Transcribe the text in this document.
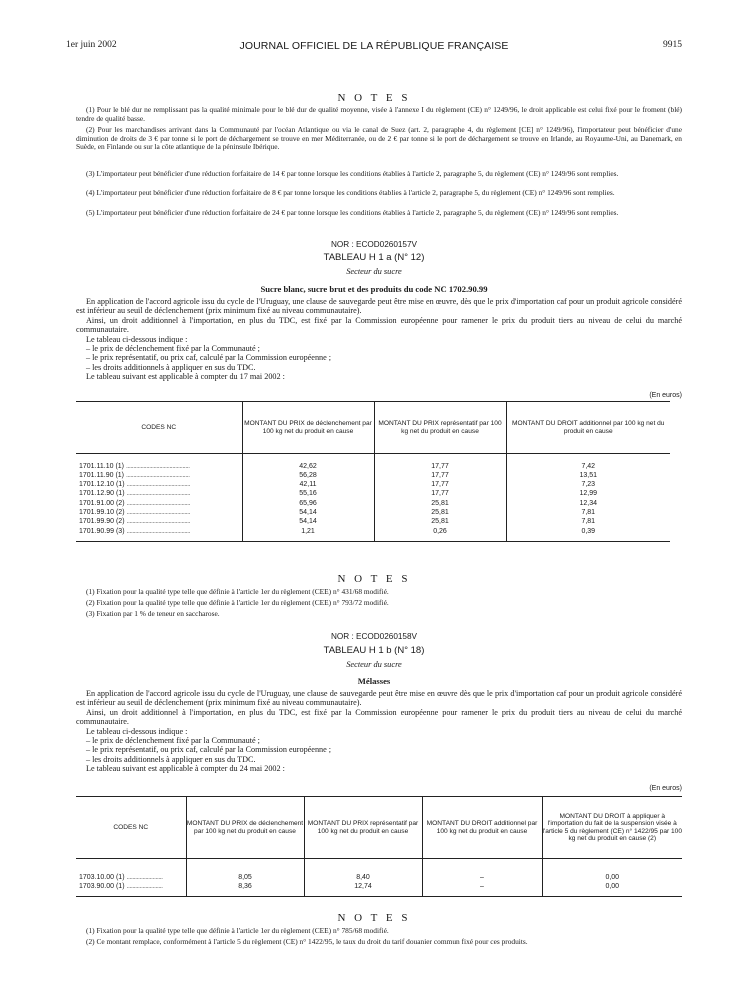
1er juin 2002	JOURNAL OFFICIEL DE LA RÉPUBLIQUE FRANÇAISE	9915
N O T E S
(1) Pour le blé dur ne remplissant pas la qualité minimale pour le blé dur de qualité moyenne, visée à l'annexe I du règlement (CE) n° 1249/96, le droit applicable est celui fixé pour le froment (blé) tendre de qualité basse.
(2) Pour les marchandises arrivant dans la Communauté par l'océan Atlantique ou via le canal de Suez (art. 2, paragraphe 4, du règlement [CE] n° 1249/96), l'importateur peut bénéficier d'une diminution de droits de 3 € par tonne si le port de déchargement se trouve en mer Méditerranée, ou de 2 € par tonne si le port de déchargement se trouve en Irlande, au Royaume-Uni, au Danemark, en Suède, en Finlande ou sur la côte atlantique de la péninsule Ibérique.
(3) L'importateur peut bénéficier d'une réduction forfaitaire de 14 € par tonne lorsque les conditions établies à l'article 2, paragraphe 5, du règlement (CE) n° 1249/96 sont remplies.
(4) L'importateur peut bénéficier d'une réduction forfaitaire de 8 € par tonne lorsque les conditions établies à l'article 2, paragraphe 5, du règlement (CE) n° 1249/96 sont remplies.
(5) L'importateur peut bénéficier d'une réduction forfaitaire de 24 € par tonne lorsque les conditions établies à l'article 2, paragraphe 5, du règlement (CE) n° 1249/96 sont remplies.
NOR : ECOD0260157V
TABLEAU H 1 a (N° 12)
Secteur du sucre
Sucre blanc, sucre brut et des produits du code NC 1702.90.99
En application de l'accord agricole issu du cycle de l'Uruguay, une clause de sauvegarde peut être mise en œuvre, dès que le prix d'importation caf pour un produit agricole considéré est inférieur au seuil de déclenchement (prix minimum fixé au niveau communautaire).
Ainsi, un droit additionnel à l'importation, en plus du TDC, est fixé par la Commission européenne pour ramener le prix du produit tiers au niveau de celui du marché communautaire.
Le tableau ci-dessous indique :
– le prix de déclenchement fixé par la Communauté ;
– le prix représentatif, ou prix caf, calculé par la Commission européenne ;
– les droits additionnels à appliquer en sus du TDC.
Le tableau suivant est applicable à compter du 17 mai 2002 :
(En euros)
CODES NC	MONTANT DU PRIX de déclenchement par 100 kg net du produit en cause	MONTANT DU PRIX représentatif par 100 kg net du produit en cause	MONTANT DU DROIT additionnel par 100 kg net du produit en cause

1701.11.10 (1) ............................................	42,62	17,77	7,42
1701.11.90 (1) ............................................	56,28	17,77	13,51
1701.12.10 (1) ............................................	42,11	17,77	7,23
1701.12.90 (1) ............................................	55,16	17,77	12,99
1701.91.00 (2) ............................................	65,96	25,81	12,34
1701.99.10 (2) ............................................	54,14	25,81	7,81
1701.99.90 (2) ............................................	54,14	25,81	7,81
1701.90.99 (3) ............................................	1,21	0,26	0,39

N O T E S
(1) Fixation pour la qualité type telle que définie à l'article 1er du règlement (CEE) n° 431/68 modifié.
(2) Fixation pour la qualité type telle que définie à l'article 1er du règlement (CEE) n° 793/72 modifié.
(3) Fixation par 1 % de teneur en saccharose.
NOR : ECOD0260158V
TABLEAU H 1 b (N° 18)
Secteur du sucre
Mélasses
En application de l'accord agricole issu du cycle de l'Uruguay, une clause de sauvegarde peut être mise en œuvre dès que le prix d'importation caf pour un produit agricole considéré est inférieur au seuil de déclenchement (prix minimum fixé au niveau communautaire).
Ainsi, un droit additionnel à l'importation, en plus du TDC, est fixé par la Commission européenne pour ramener le prix du produit tiers au niveau de celui du marché communautaire.
Le tableau ci-dessous indique :
– le prix de déclenchement fixé par la Communauté ;
– le prix représentatif, ou prix caf, calculé par la Commission européenne ;
– les droits additionnels à appliquer en sus du TDC.
Le tableau suivant est applicable à compter du 24 mai 2002 :
(En euros)
CODES NC	MONTANT DU PRIX de déclenchement par 100 kg net du produit en cause	MONTANT DU PRIX représentatif par 100 kg net du produit en cause	MONTANT DU DROIT additionnel par 100 kg net du produit en cause	MONTANT DU DROIT à appliquer à l'importation du fait de la suspension visée à l'article 5 du règlement (CE) n° 1422/95 par 100 kg net du produit en cause (2)

1703.10.00 (1) .........................	8,05	8,40	–	0,00
1703.90.00 (1) .........................	8,36	12,74	–	0,00

N O T E S
(1) Fixation pour la qualité type telle que définie à l'article 1er du règlement (CEE) n° 785/68 modifié.
(2) Ce montant remplace, conformément à l'article 5 du règlement (CE) n° 1422/95, le taux du droit du tarif douanier commun fixé pour ces produits.
